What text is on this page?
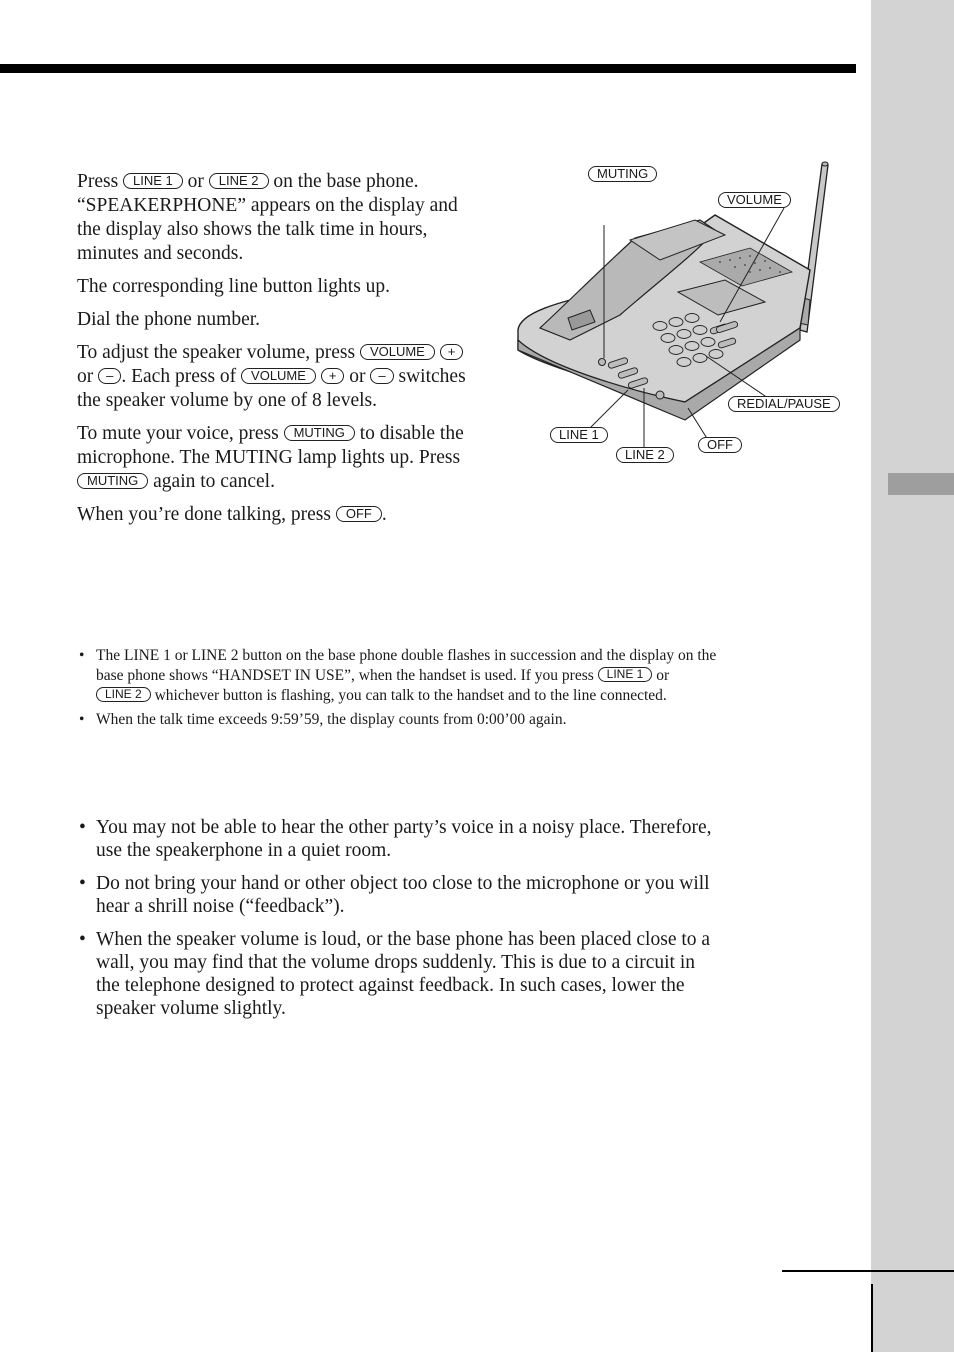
Press LINE 1 or LINE 2 on the base phone.
“SPEAKERPHONE” appears on the display and the display also shows the talk time in hours, minutes and seconds.

The corresponding line button lights up.

Dial the phone number.

To adjust the speaker volume, press VOLUME + or – . Each press of VOLUME + or – switches the speaker volume by one of 8 levels.

To mute your voice, press MUTING to disable the microphone. The MUTING lamp lights up. Press MUTING again to cancel.

When you’re done talking, press OFF .

MUTING
VOLUME
REDIAL/PAUSE
LINE 1
LINE 2
OFF
• The LINE 1 or LINE 2 button on the base phone double flashes in succession and the display on the base phone shows “HANDSET IN USE”, when the handset is used. If you press LINE 1 or LINE 2 whichever button is flashing, you can talk to the handset and to the line connected.
• When the talk time exceeds 9:59’59, the display counts from 0:00’00 again.
• You may not be able to hear the other party’s voice in a noisy place. Therefore, use the speakerphone in a quiet room.
• Do not bring your hand or other object too close to the microphone or you will hear a shrill noise (“feedback”).
• When the speaker volume is loud, or the base phone has been placed close to a wall, you may find that the volume drops suddenly. This is due to a circuit in the telephone designed to protect against feedback. In such cases, lower the speaker volume slightly.
